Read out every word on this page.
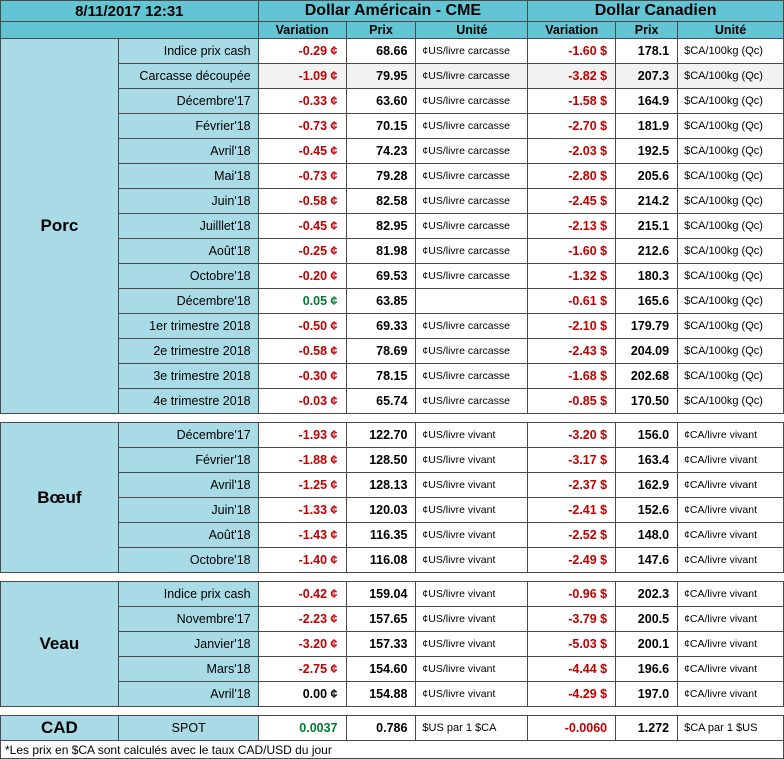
8/11/2017 12:31		Dollar Américain - CME			Dollar Canadien		
		Variation	Prix	Unité	Variation	Prix	Unité
Porc	Indice prix cash	-0.29 ¢	68.66	¢US/livre carcasse	-1.60 $	178.1	$CA/100kg (Qc)
	Carcasse découpée	-1.09 ¢	79.95	¢US/livre carcasse	-3.82 $	207.3	$CA/100kg (Qc)
	Décembre'17	-0.33 ¢	63.60	¢US/livre carcasse	-1.58 $	164.9	$CA/100kg (Qc)
	Février'18	-0.73 ¢	70.15	¢US/livre carcasse	-2.70 $	181.9	$CA/100kg (Qc)
	Avril'18	-0.45 ¢	74.23	¢US/livre carcasse	-2.03 $	192.5	$CA/100kg (Qc)
	Mai'18	-0.73 ¢	79.28	¢US/livre carcasse	-2.80 $	205.6	$CA/100kg (Qc)
	Juin'18	-0.58 ¢	82.58	¢US/livre carcasse	-2.45 $	214.2	$CA/100kg (Qc)
	Juilllet'18	-0.45 ¢	82.95	¢US/livre carcasse	-2.13 $	215.1	$CA/100kg (Qc)
	Août'18	-0.25 ¢	81.98	¢US/livre carcasse	-1.60 $	212.6	$CA/100kg (Qc)
	Octobre'18	-0.20 ¢	69.53	¢US/livre carcasse	-1.32 $	180.3	$CA/100kg (Qc)
	Décembre'18	0.05 ¢	63.85		-0.61 $	165.6	$CA/100kg (Qc)
	1er trimestre 2018	-0.50 ¢	69.33	¢US/livre carcasse	-2.10 $	179.79	$CA/100kg (Qc)
	2e trimestre 2018	-0.58 ¢	78.69	¢US/livre carcasse	-2.43 $	204.09	$CA/100kg (Qc)
	3e trimestre 2018	-0.30 ¢	78.15	¢US/livre carcasse	-1.68 $	202.68	$CA/100kg (Qc)
	4e trimestre 2018	-0.03 ¢	65.74	¢US/livre carcasse	-0.85 $	170.50	$CA/100kg (Qc)

Bœuf	Décembre'17	-1.93 ¢	122.70	¢US/livre vivant	-3.20 $	156.0	¢CA/livre vivant
	Février'18	-1.88 ¢	128.50	¢US/livre vivant	-3.17 $	163.4	¢CA/livre vivant
	Avril'18	-1.25 ¢	128.13	¢US/livre vivant	-2.37 $	162.9	¢CA/livre vivant
	Juin'18	-1.33 ¢	120.03	¢US/livre vivant	-2.41 $	152.6	¢CA/livre vivant
	Août'18	-1.43 ¢	116.35	¢US/livre vivant	-2.52 $	148.0	¢CA/livre vivant
	Octobre'18	-1.40 ¢	116.08	¢US/livre vivant	-2.49 $	147.6	¢CA/livre vivant

Veau	Indice prix cash	-0.42 ¢	159.04	¢US/livre vivant	-0.96 $	202.3	¢CA/livre vivant
	Novembre'17	-2.23 ¢	157.65	¢US/livre vivant	-3.79 $	200.5	¢CA/livre vivant
	Janvier'18	-3.20 ¢	157.33	¢US/livre vivant	-5.03 $	200.1	¢CA/livre vivant
	Mars'18	-2.75 ¢	154.60	¢US/livre vivant	-4.44 $	196.6	¢CA/livre vivant
	Avril'18	0.00 ¢	154.88	¢US/livre vivant	-4.29 $	197.0	¢CA/livre vivant

CAD	SPOT	0.0037	0.786	$US par 1 $CA	-0.0060	1.272	$CA par 1 $US
*Les prix en $CA sont calculés avec le taux CAD/USD du jour
